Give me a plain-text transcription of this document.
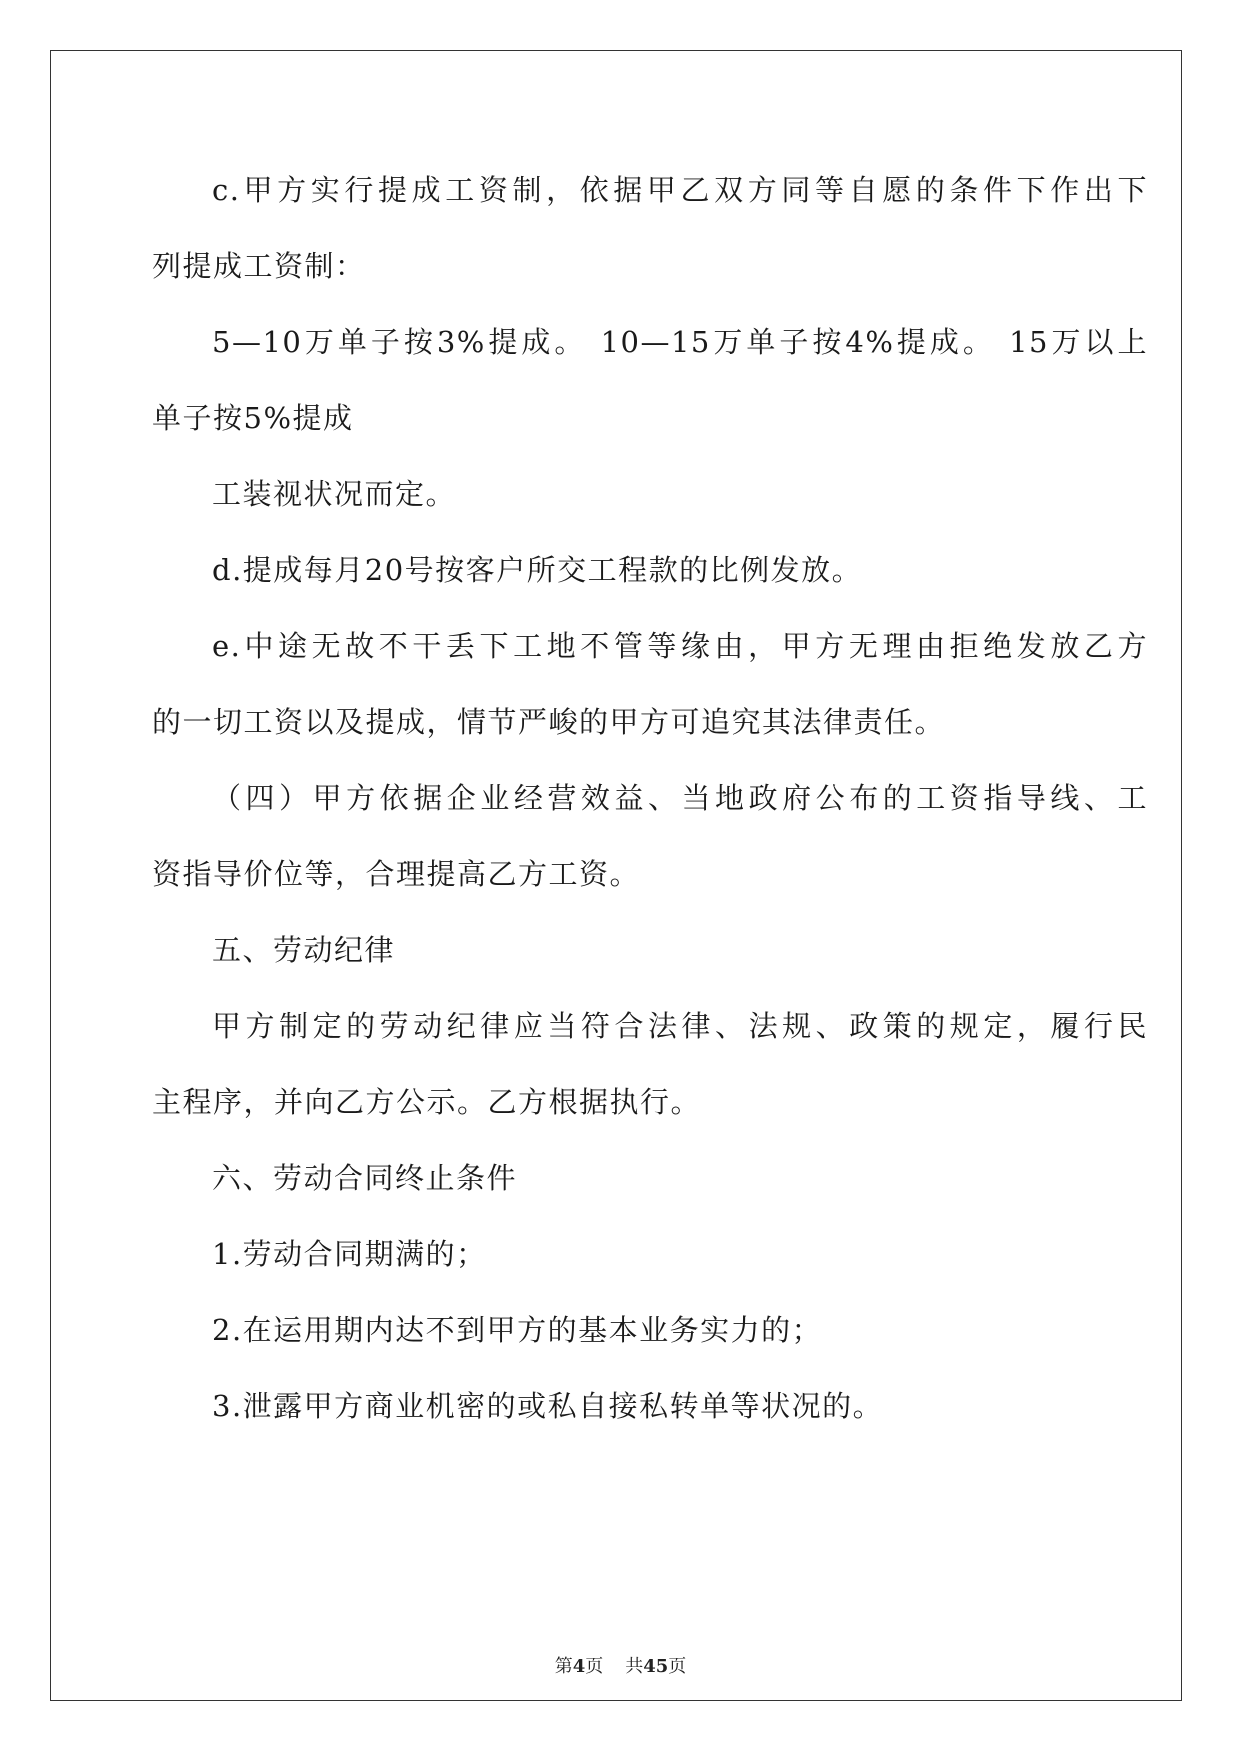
c.甲方实行提成工资制，依据甲乙双方同等自愿的条件下作出下
列提成工资制：
5—10万单子按3%提成。 10—15万单子按4%提成。 15万以上
单子按5%提成
工装视状况而定。
d.提成每月20号按客户所交工程款的比例发放。
e.中途无故不干丢下工地不管等缘由，甲方无理由拒绝发放乙方
的一切工资以及提成，情节严峻的甲方可追究其法律责任。
（四）甲方依据企业经营效益、当地政府公布的工资指导线、工
资指导价位等，合理提高乙方工资。
五、劳动纪律
甲方制定的劳动纪律应当符合法律、法规、政策的规定，履行民
主程序，并向乙方公示。乙方根据执行。
六、劳动合同终止条件
1.劳动合同期满的；
2.在运用期内达不到甲方的基本业务实力的；
3.泄露甲方商业机密的或私自接私转单等状况的。
第4页 共45页
